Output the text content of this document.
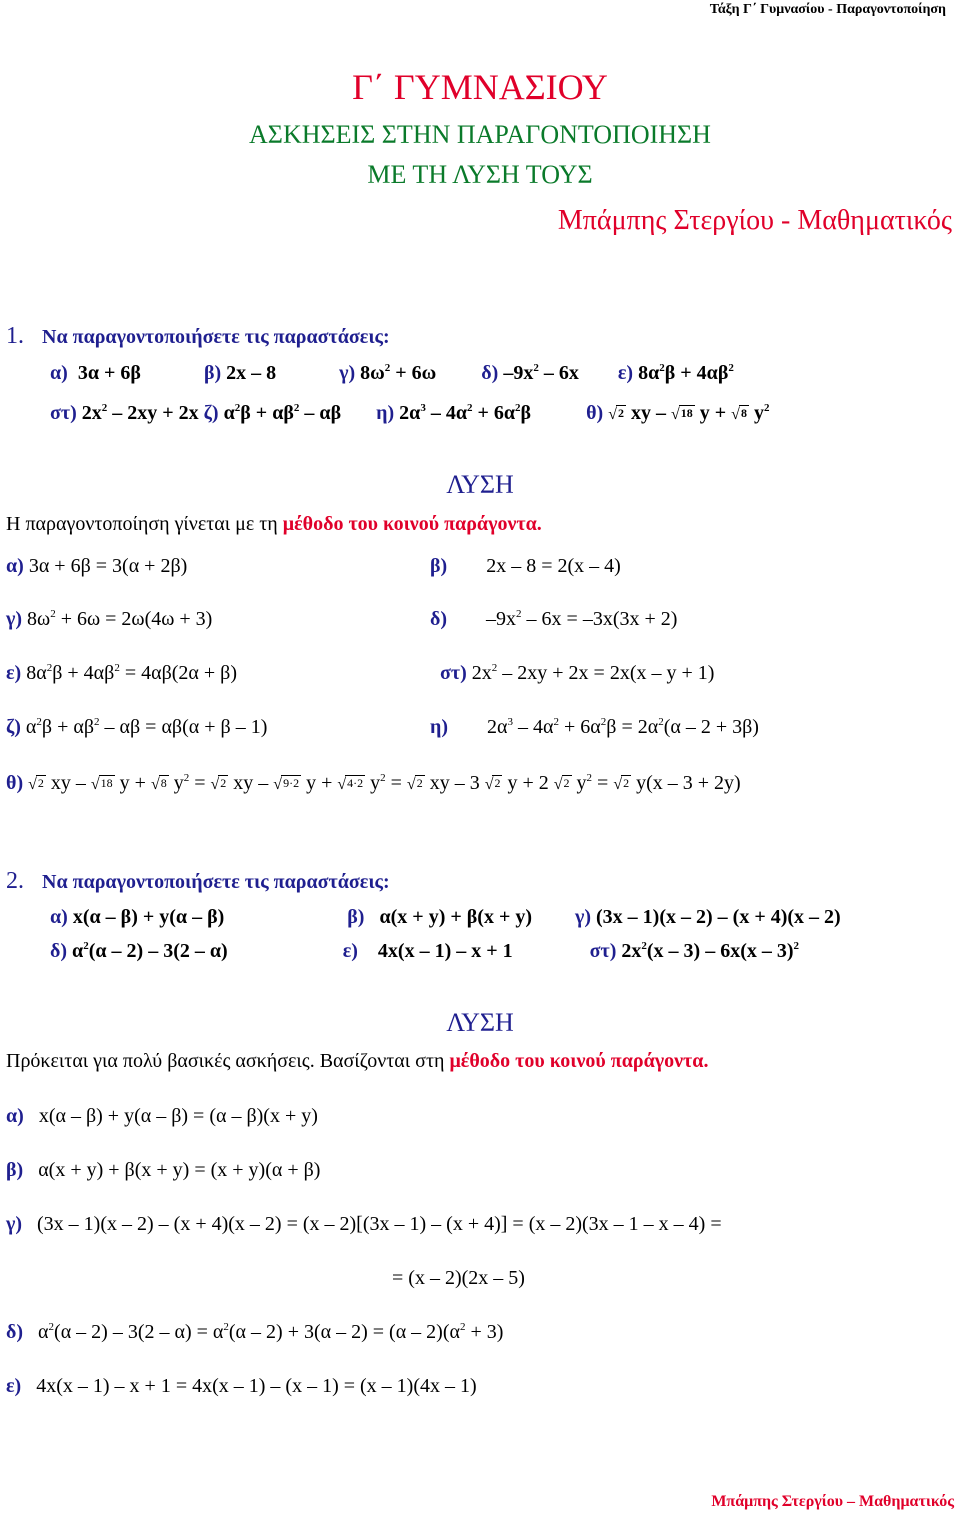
Τάξη Γ΄ Γυμνασίου - Παραγοντοποίηση
Γ΄ ΓΥΜΝΑΣΙΟΥ
ΑΣΚΗΣΕΙΣ ΣΤΗΝ ΠΑΡΑΓΟΝΤΟΠΟΙΗΣΗ
ΜΕ ΤΗ ΛΥΣΗ ΤΟΥΣ
Μπάμπης Στεργίου - Μαθηματικός
1. Να παραγοντοποιήσετε τις παραστάσεις:
α)  3α + 6β	β) 2x – 8	γ) $8\omega^2 + 6\omega$ δ) $-9x^2 - 6x$ ε) $8\alpha^2\beta + 4\alpha\beta^2$
στ) $2x^2 - 2xy + 2x$ ζ) $\alpha^2\beta + \alpha\beta^2 - \alpha\beta$ η) $2\alpha^3 - 4\alpha^2 + 6\alpha^2\beta$	θ) √ 2 xy – √ 18 y + √ 8 $y^2$
ΛΥΣΗ
Η παραγοντοποίηση γίνεται με τη μέθοδο του κοινού παράγοντα.
α) 3α + 6β = 3(α + 2β)	β) 2x – 8 = 2(x – 4)
γ) $8\omega^2 + 6\omega = 2\omega(4\omega + 3)$	δ) $-9x^2 - 6x = -3x(3x + 2)$
ε) $8\alpha^2\beta + 4\alpha\beta^2 = 4\alpha\beta(2\alpha + \beta)$	στ) $2x^2 - 2xy + 2x = 2x(x - y + 1)$
ζ) $\alpha^2\beta + \alpha\beta^2 - \alpha\beta = \alpha\beta(\alpha + \beta - 1)$	η) $2\alpha^3 - 4\alpha^2 + 6\alpha^2\beta = 2\alpha^2(\alpha - 2 + 3\beta)$
θ) √ 2 xy – √ 18 y + √ 8 $y^2$ = √ 2 xy – √ 9·2 y + √ 4·2 $y^2$ = √ 2 xy – 3 √ 2 y + 2 √ 2 $y^2$ = √ 2 y(x – 3 + 2y)
2. Να παραγοντοποιήσετε τις παραστάσεις:
α) x(α – β) + y(α – β)	β)   α(x + y) + β(x + y) γ) (3x – 1)(x – 2) – (x + 4)(x – 2)
δ) $\alpha^2(\alpha - 2) - 3(2 - \alpha)$	ε)    4x(x – 1) – x + 1	στ) $2x^2(x - 3) - 6x(x - 3)^2$
ΛΥΣΗ
Πρόκειται για πολύ βασικές ασκήσεις. Βασίζονται στη μέθοδο του κοινού παράγοντα.
α)   x(α – β) + y(α – β) = (α – β)(x + y)
β)   α(x + y) + β(x + y) = (x + y)(α + β)
γ)   (3x – 1)(x – 2) – (x + 4)(x – 2) = (x – 2)[(3x – 1) – (x + 4)] = (x – 2)(3x – 1 – x – 4) =
= (x – 2)(2x – 5)
δ)   $\alpha^2(\alpha - 2) - 3(2 - \alpha) = \alpha^2(\alpha - 2) + 3(\alpha - 2) = (\alpha - 2)(\alpha^2 + 3)$
ε)   4x(x – 1) – x + 1 = 4x(x – 1) – (x – 1) = (x – 1)(4x – 1)
Μπάμπης Στεργίου – Μαθηματικός
